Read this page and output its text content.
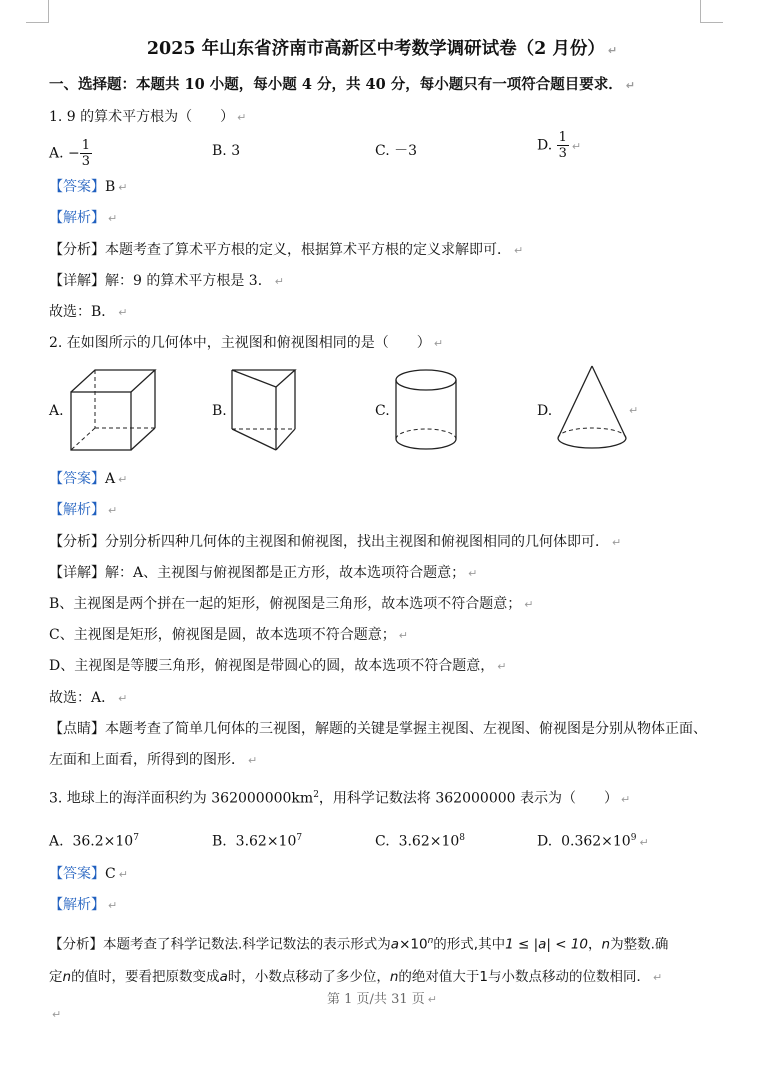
2025 年山东省济南市高新区中考数学调研试卷（2 月份） ↵
一、选择题：本题共 10 小题，每小题 4 分，共 40 分，每小题只有一项符合题目要求． ↵
1. 9 的算术平方根为（　　） ↵
A. − $\frac{1}{3}$	B. 3	C. －3	D. $\frac{1}{3}$ ↵
【答案】B ↵
【解析】 ↵
【分析】本题考查了算术平方根的定义，根据算术平方根的定义求解即可． ↵
【详解】解：9 的算术平方根是 3． ↵
故选：B． ↵
2. 在如图所示的几何体中，主视图和俯视图相同的是（　　） ↵
A.	B.	C.	D.	↵
【答案】A ↵
【解析】 ↵
【分析】分别分析四种几何体的主视图和俯视图，找出主视图和俯视图相同的几何体即可． ↵
【详解】解：A、主视图与俯视图都是正方形，故本选项符合题意； ↵
B、主视图是两个拼在一起的矩形，俯视图是三角形，故本选项不符合题意； ↵
C、主视图是矩形，俯视图是圆，故本选项不符合题意； ↵
D、主视图是等腰三角形，俯视图是带圆心的圆，故本选项不符合题意， ↵
故选：A． ↵
【点睛】本题考查了简单几何体的三视图，解题的关键是掌握主视图、左视图、俯视图是分别从物体正面、
左面和上面看，所得到的图形． ↵
3. 地球上的海洋面积约为 $362000000km^2$，用科学记数法将 362000000 表示为（　　） ↵
A. $36.2\times 10^7$	B. $3.62\times 10^7$	C. $3.62\times 10^8$	D. $0.362\times 10^9$ ↵
【答案】C ↵
【解析】 ↵
【分析】本题考查了科学记数法.科学记数法的表示形式为$a\times 10^n$的形式,其中1 ≤ |a| < 10，n为整数.确
定n的值时，要看把原数变成a时，小数点移动了多少位，n的绝对值大于1与小数点移动的位数相同． ↵
第 1 页/共 31 页 ↵
↵
